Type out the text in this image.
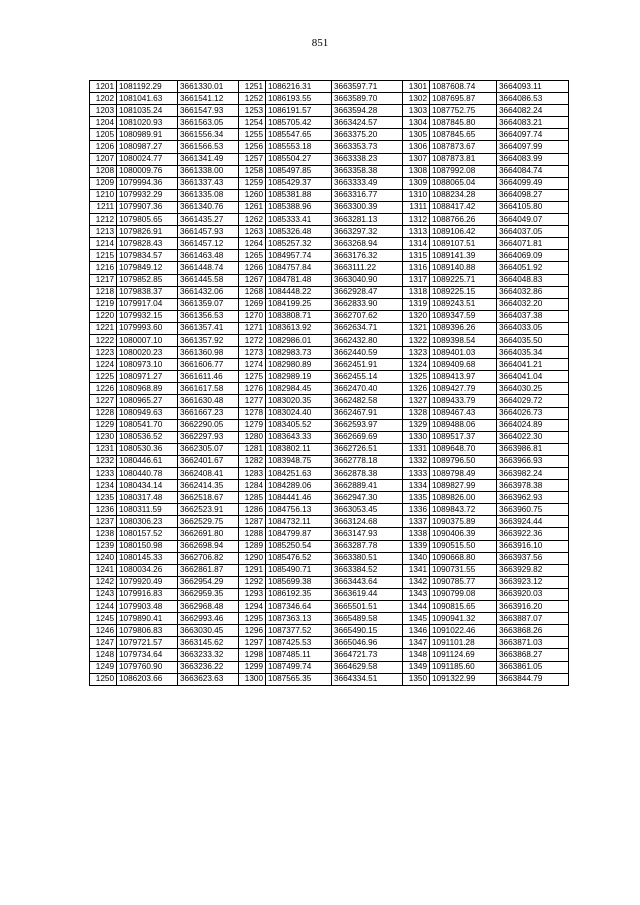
851
1201	1081192.29	3661330.01	1251	1086216.31	3663597.71	1301	1087608.74	3664093.11
1202	1081041.63	3661541.12	1252	1086193.55	3663589.70	1302	1087695.87	3664086.53
1203	1081035.24	3661547.93	1253	1086191.57	3663594.28	1303	1087752.75	3664082.24
1204	1081020.93	3661563.05	1254	1085705.42	3663424.57	1304	1087845.80	3664083.21
1205	1080989.91	3661556.34	1255	1085547.65	3663375.20	1305	1087845.65	3664097.74
1206	1080987.27	3661566.53	1256	1085553.18	3663353.73	1306	1087873.67	3664097.99
1207	1080024.77	3661341.49	1257	1085504.27	3663338.23	1307	1087873.81	3664083.99
1208	1080009.76	3661338.00	1258	1085497.85	3663358.38	1308	1087992.08	3664084.74
1209	1079994.36	3661337.43	1259	1085429.37	3663333.49	1309	1088065.04	3664099.49
1210	1079932.29	3661335.08	1260	1085381.88	3663316.77	1310	1088234.28	3664098.27
1211	1079907.36	3661340.76	1261	1085388.96	3663300.39	1311	1088417.42	3664105.80
1212	1079805.65	3661435.27	1262	1085333.41	3663281.13	1312	1088766.26	3664049.07
1213	1079826.91	3661457.93	1263	1085326.48	3663297.32	1313	1089106.42	3664037.05
1214	1079828.43	3661457.12	1264	1085257.32	3663268.94	1314	1089107.51	3664071.81
1215	1079834.57	3661463.48	1265	1084957.74	3663176.32	1315	1089141.39	3664069.09
1216	1079849.12	3661448.74	1266	1084757.84	3663111.22	1316	1089140.88	3664051.92
1217	1079852.85	3661445.58	1267	1084781.48	3663040.90	1317	1089225.71	3664048.83
1218	1079838.37	3661432.06	1268	1084448.22	3662928.47	1318	1089225.15	3664032.86
1219	1079917.04	3661359.07	1269	1084199.25	3662833.90	1319	1089243.51	3664032.20
1220	1079932.15	3661356.53	1270	1083808.71	3662707.62	1320	1089347.59	3664037.38
1221	1079993.60	3661357.41	1271	1083613.92	3662634.71	1321	1089396.26	3664033.05
1222	1080007.10	3661357.92	1272	1082986.01	3662432.80	1322	1089398.54	3664035.50
1223	1080020.23	3661360.98	1273	1082983.73	3662440.59	1323	1089401.03	3664035.34
1224	1080973.10	3661606.77	1274	1082980.89	3662451.91	1324	1089409.68	3664041.21
1225	1080971.27	3661611.46	1275	1082989.19	3662455.14	1325	1089413.97	3664041.04
1226	1080968.89	3661617.58	1276	1082984.45	3662470.40	1326	1089427.79	3664030.25
1227	1080965.27	3661630.48	1277	1083020.35	3662482.58	1327	1089433.79	3664029.72
1228	1080949.63	3661667.23	1278	1083024.40	3662467.91	1328	1089467.43	3664026.73
1229	1080541.70	3662290.05	1279	1083405.52	3662593.97	1329	1089488.06	3664024.89
1230	1080536.52	3662297.93	1280	1083643.33	3662669.69	1330	1089517.37	3664022.30
1231	1080530.36	3662305.07	1281	1083802.11	3662726.51	1331	1089648.70	3663986.81
1232	1080446.61	3662401.67	1282	1083948.75	3662778.18	1332	1089796.50	3663966.93
1233	1080440.78	3662408.41	1283	1084251.63	3662878.38	1333	1089798.49	3663982.24
1234	1080434.14	3662414.35	1284	1084289.06	3662889.41	1334	1089827.99	3663978.38
1235	1080317.48	3662518.67	1285	1084441.46	3662947.30	1335	1089826.00	3663962.93
1236	1080311.59	3662523.91	1286	1084756.13	3663053.45	1336	1089843.72	3663960.75
1237	1080306.23	3662529.75	1287	1084732.11	3663124.68	1337	1090375.89	3663924.44
1238	1080157.52	3662691.80	1288	1084799.87	3663147.93	1338	1090406.39	3663922.36
1239	1080150.98	3662698.94	1289	1085250.54	3663287.78	1339	1090515.50	3663916.10
1240	1080145.33	3662706.82	1290	1085476.52	3663380.51	1340	1090668.80	3663937.56
1241	1080034.26	3662861.87	1291	1085490.71	3663384.52	1341	1090731.55	3663929.82
1242	1079920.49	3662954.29	1292	1085699.38	3663443.64	1342	1090785.77	3663923.12
1243	1079916.83	3662959.35	1293	1086192.35	3663619.44	1343	1090799.08	3663920.03
1244	1079903.48	3662968.48	1294	1087346.64	3665501.51	1344	1090815.65	3663916.20
1245	1079890.41	3662993.46	1295	1087363.13	3665489.58	1345	1090941.32	3663887.07
1246	1079806.83	3663030.45	1296	1087377.52	3665490.15	1346	1091022.46	3663868.26
1247	1079721.57	3663145.62	1297	1087425.53	3665046.96	1347	1091101.28	3663871.03
1248	1079734.64	3663233.32	1298	1087485.11	3664721.73	1348	1091124.69	3663868.27
1249	1079760.90	3663236.22	1299	1087499.74	3664629.58	1349	1091185.60	3663861.05
1250	1086203.66	3663623.63	1300	1087565.35	3664334.51	1350	1091322.99	3663844.79
